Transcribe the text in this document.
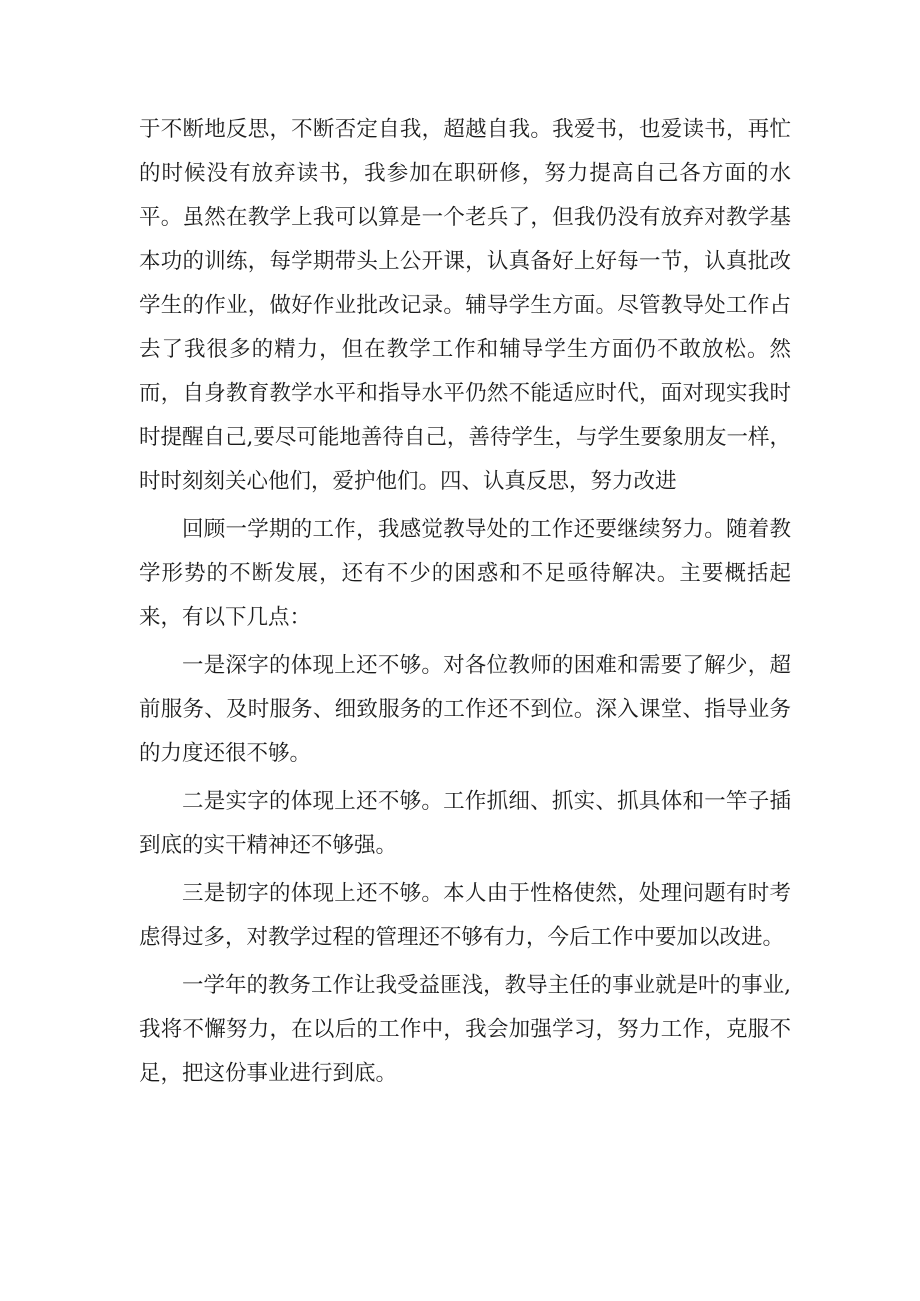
于不断地反思，不断否定自我，超越自我。我爱书，也爱读书，再忙的时候没有放弃读书，我参加在职研修，努力提高自己各方面的水平。虽然在教学上我可以算是一个老兵了，但我仍没有放弃对教学基本功的训练，每学期带头上公开课，认真备好上好每一节，认真批改学生的作业，做好作业批改记录。辅导学生方面。尽管教导处工作占去了我很多的精力，但在教学工作和辅导学生方面仍不敢放松。然而，自身教育教学水平和指导水平仍然不能适应时代，面对现实我时时提醒自己,要尽可能地善待自己，善待学生，与学生要象朋友一样，时时刻刻关心他们，爱护他们。四、认真反思，努力改进

回顾一学期的工作，我感觉教导处的工作还要继续努力。随着教学形势的不断发展，还有不少的困惑和不足亟待解决。主要概括起来，有以下几点：

一是深字的体现上还不够。对各位教师的困难和需要了解少，超前服务、及时服务、细致服务的工作还不到位。深入课堂、指导业务的力度还很不够。

二是实字的体现上还不够。工作抓细、抓实、抓具体和一竿子插到底的实干精神还不够强。

三是韧字的体现上还不够。本人由于性格使然，处理问题有时考虑得过多，对教学过程的管理还不够有力，今后工作中要加以改进。

一学年的教务工作让我受益匪浅，教导主任的事业就是叶的事业,我将不懈努力，在以后的工作中，我会加强学习，努力工作，克服不足，把这份事业进行到底。
